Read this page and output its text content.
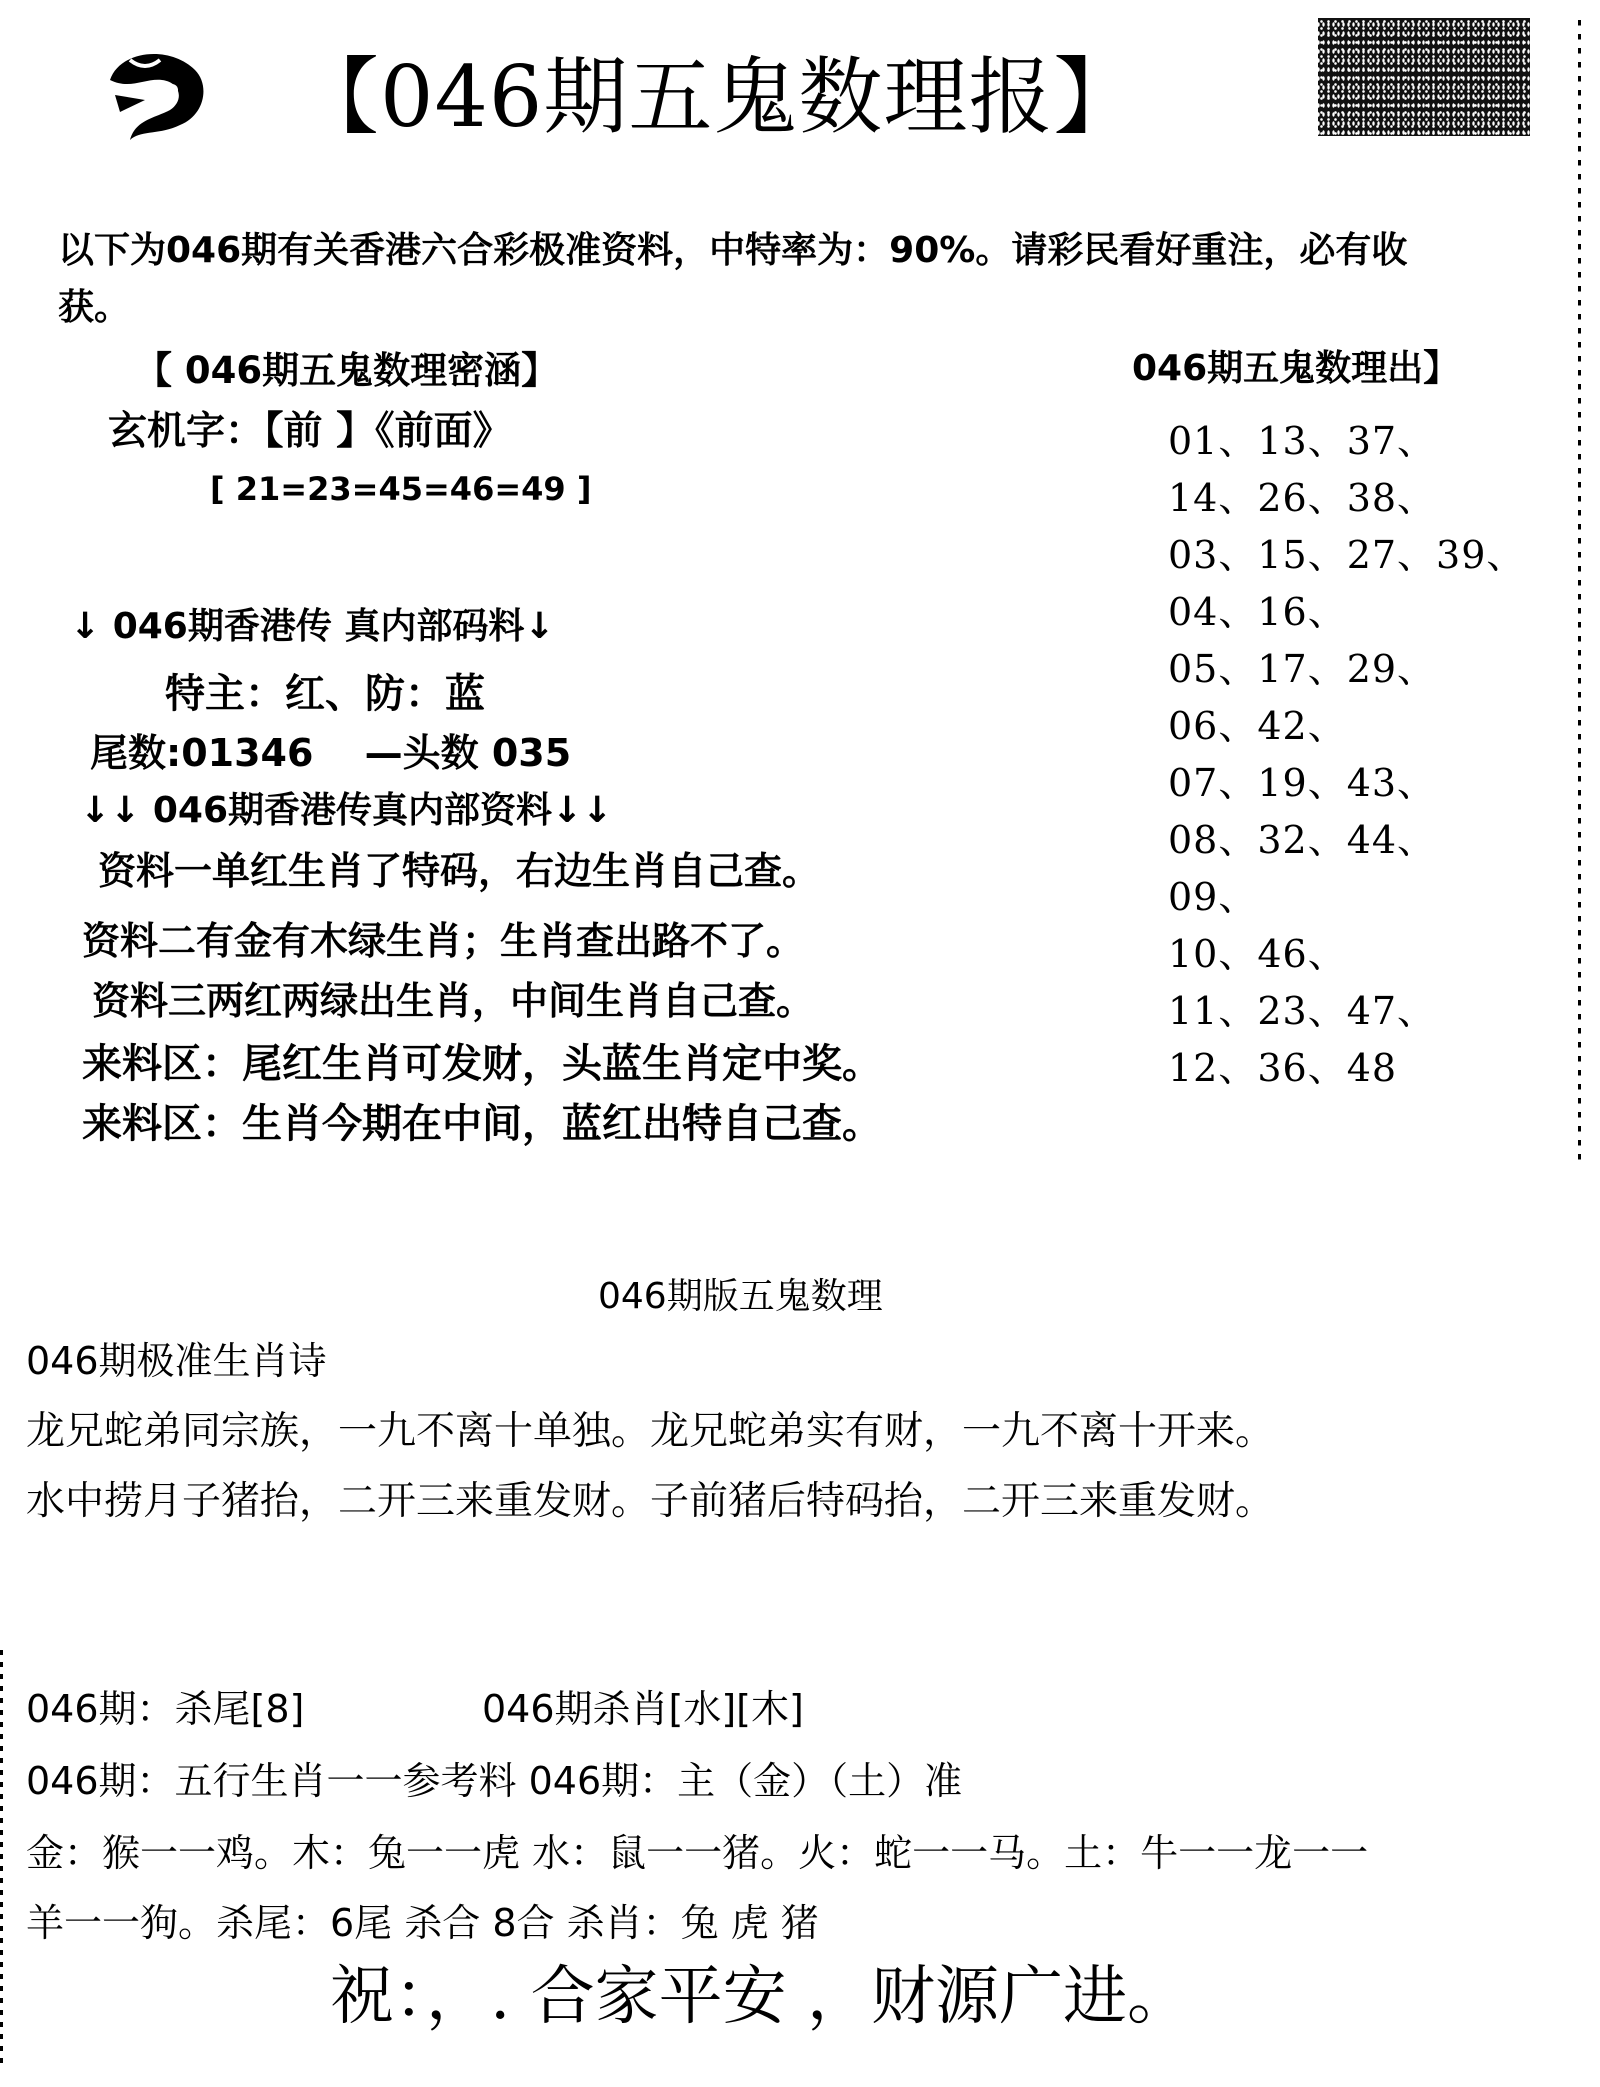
【046期五鬼数理报】
以下为046期有关香港六合彩极准资料，中特率为：90%。请彩民看好重注，必有收
获。
【 046期五鬼数理密涵】
玄机字：【前 】《前面》
[ 21=23=45=46=49 ]
↓ 046期香港传 真内部码料↓
特主：红、防：蓝
尾数:01346　 —头数 035
↓↓ 046期香港传真内部资料↓↓
资料一单红生肖了特码，右边生肖自己查。
资料二有金有木绿生肖；生肖查出路不了。
资料三两红两绿出生肖，中间生肖自己查。
来料区：尾红生肖可发财，头蓝生肖定中奖。
来料区：生肖今期在中间，蓝红出特自己查。
046期五鬼数理出】
01、13、37、
14、26、38、
03、15、27、39、
04、16、
05、17、29、
06、42、
07、19、43、
08、32、44、
09、
10、46、
11、23、47、
12、36、48
046期版五鬼数理
046期极准生肖诗
龙兄蛇弟同宗族，一九不离十单独。龙兄蛇弟实有财，一九不离十开来。
水中捞月子猪抬，二开三来重发财。子前猪后特码抬，二开三来重发财。
046期：杀尾[8]	046期杀肖[水][木]
046期：五行生肖一一参考料 046期：主（金）（土）准
金：猴一一鸡。木：兔一一虎 水：鼠一一猪。火：蛇一一马。土：牛一一龙一一
羊一一狗。杀尾：6尾 杀合 8合 杀肖：兔 虎 猪
祝：，. 合家平安 ，财源广进。
